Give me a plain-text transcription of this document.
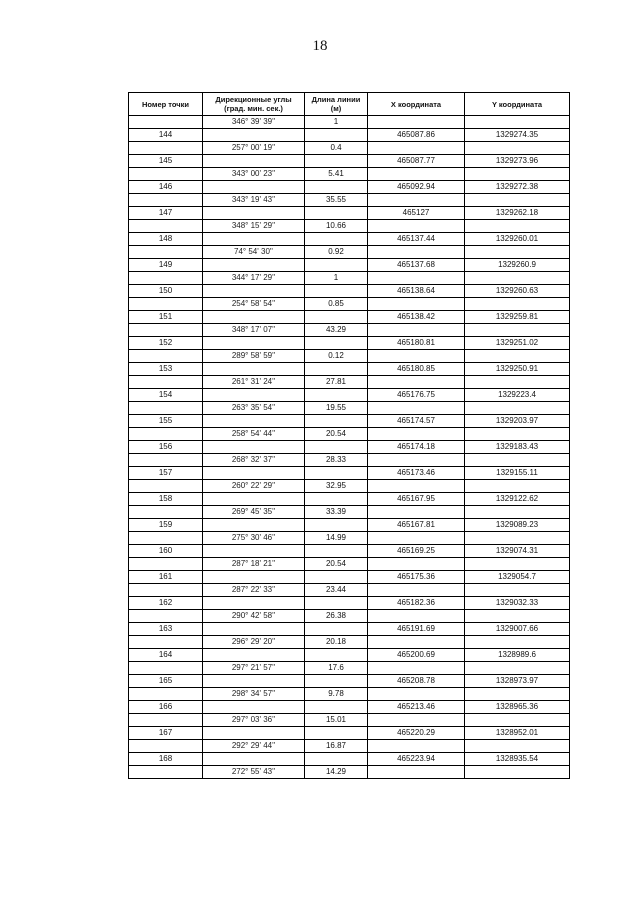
18
Номер точки	Дирекционные углы (град. мин. сек.)	Длина линии (м)	X координата	Y координата
	346° 39' 39''	1		
144			465087.86	1329274.35
	257° 00' 19''	0.4		
145			465087.77	1329273.96
	343° 00' 23''	5.41		
146			465092.94	1329272.38
	343° 19' 43''	35.55		
147			465127	1329262.18
	348° 15' 29''	10.66		
148			465137.44	1329260.01
	74° 54' 30''	0.92		
149			465137.68	1329260.9
	344° 17' 29''	1		
150			465138.64	1329260.63
	254° 58' 54''	0.85		
151			465138.42	1329259.81
	348° 17' 07''	43.29		
152			465180.81	1329251.02
	289° 58' 59''	0.12		
153			465180.85	1329250.91
	261° 31' 24''	27.81		
154			465176.75	1329223.4
	263° 35' 54''	19.55		
155			465174.57	1329203.97
	258° 54' 44''	20.54		
156			465174.18	1329183.43
	268° 32' 37''	28.33		
157			465173.46	1329155.11
	260° 22' 29''	32.95		
158			465167.95	1329122.62
	269° 45' 35''	33.39		
159			465167.81	1329089.23
	275° 30' 46''	14.99		
160			465169.25	1329074.31
	287° 18' 21''	20.54		
161			465175.36	1329054.7
	287° 22' 33''	23.44		
162			465182.36	1329032.33
	290° 42' 58''	26.38		
163			465191.69	1329007.66
	296° 29' 20''	20.18		
164			465200.69	1328989.6
	297° 21' 57''	17.6		
165			465208.78	1328973.97
	298° 34' 57''	9.78		
166			465213.46	1328965.36
	297° 03' 36''	15.01		
167			465220.29	1328952.01
	292° 29' 44''	16.87		
168			465223.94	1328935.54
	272° 55' 43''	14.29		
